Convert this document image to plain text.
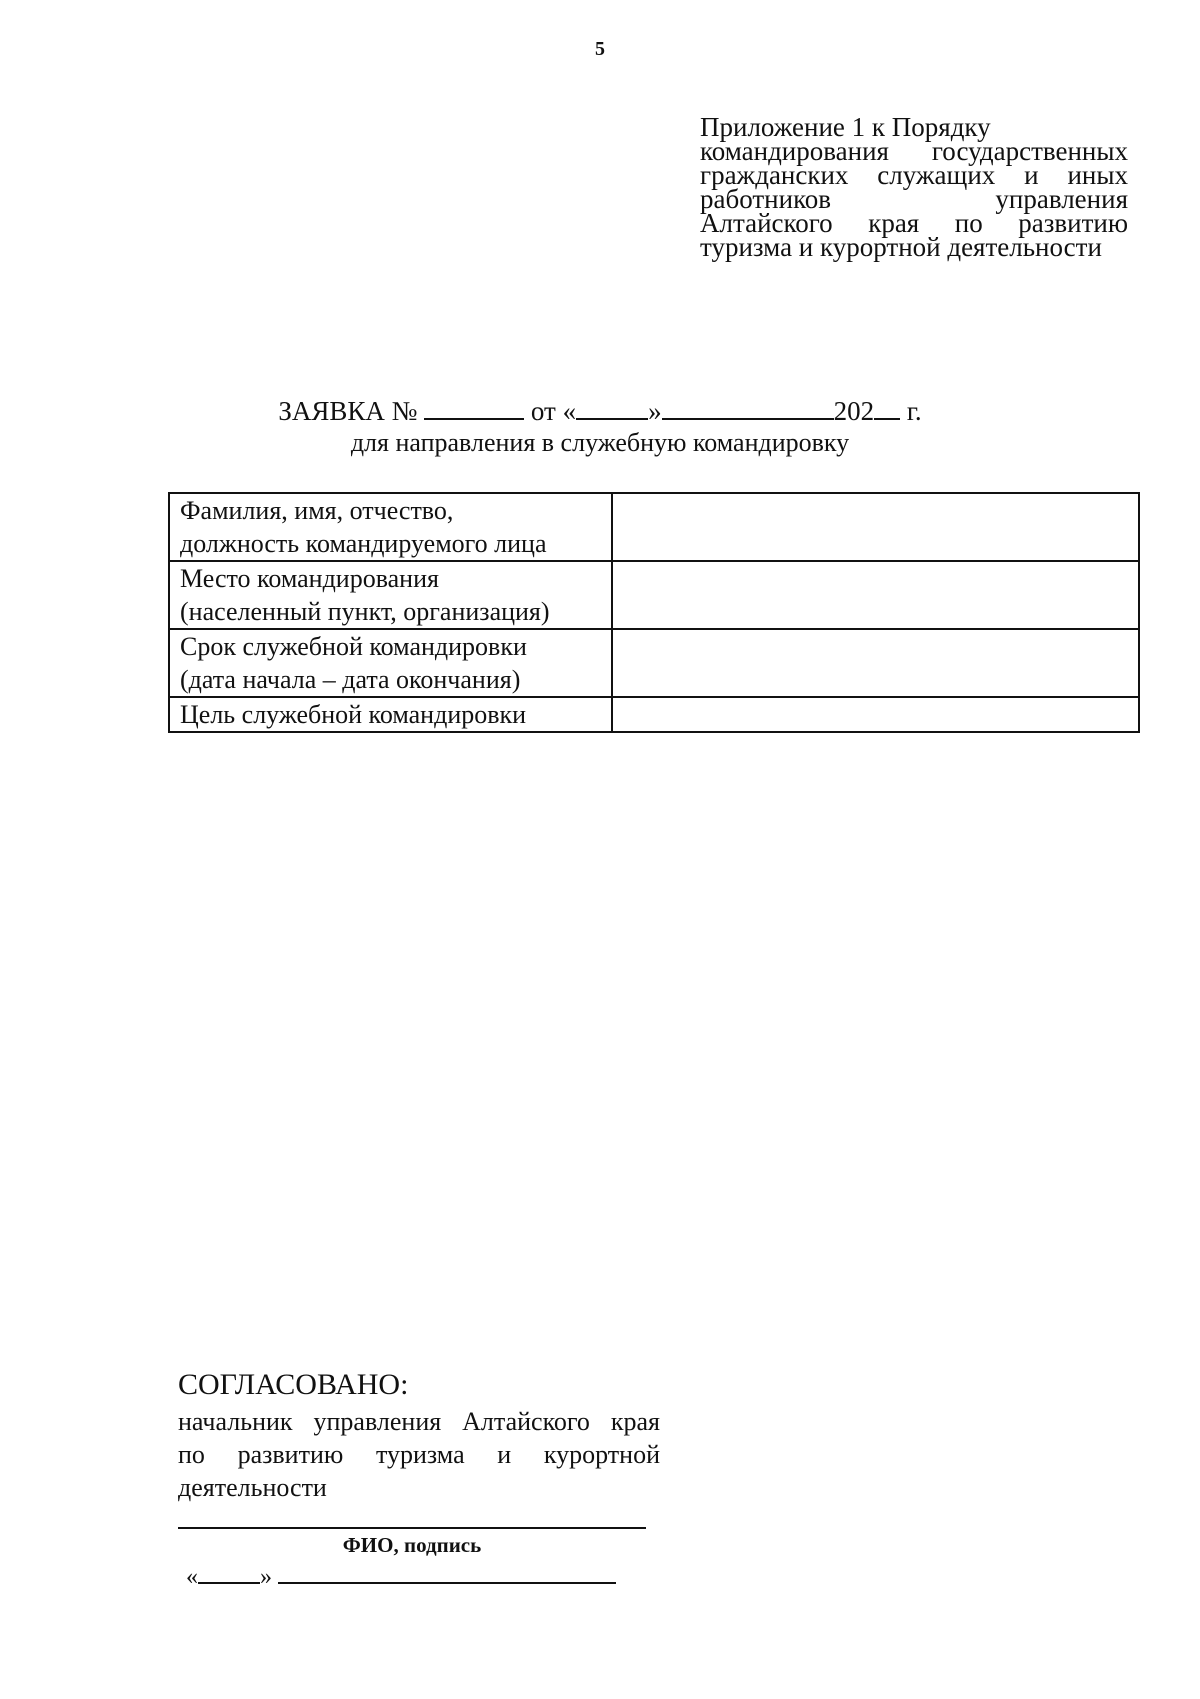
5
Приложение 1 к Порядку
командирования государственных
гражданских служащих и иных
работников управления
Алтайского края по развитию
туризма и курортной деятельности
ЗАЯВКА №	от «	»	202 г.
для направления в служебную командировку
Фамилия, имя, отчество,
должность командируемого лица	

Место командирования
(населенный пункт, организация)	

Срок служебной командировки
(дата начала – дата окончания)	

Цель служебной командировки	

СОГЛАСОВАНО:
начальник управления Алтайского края
по развитию туризма и курортной
деятельности
ФИО, подпись
«	»
